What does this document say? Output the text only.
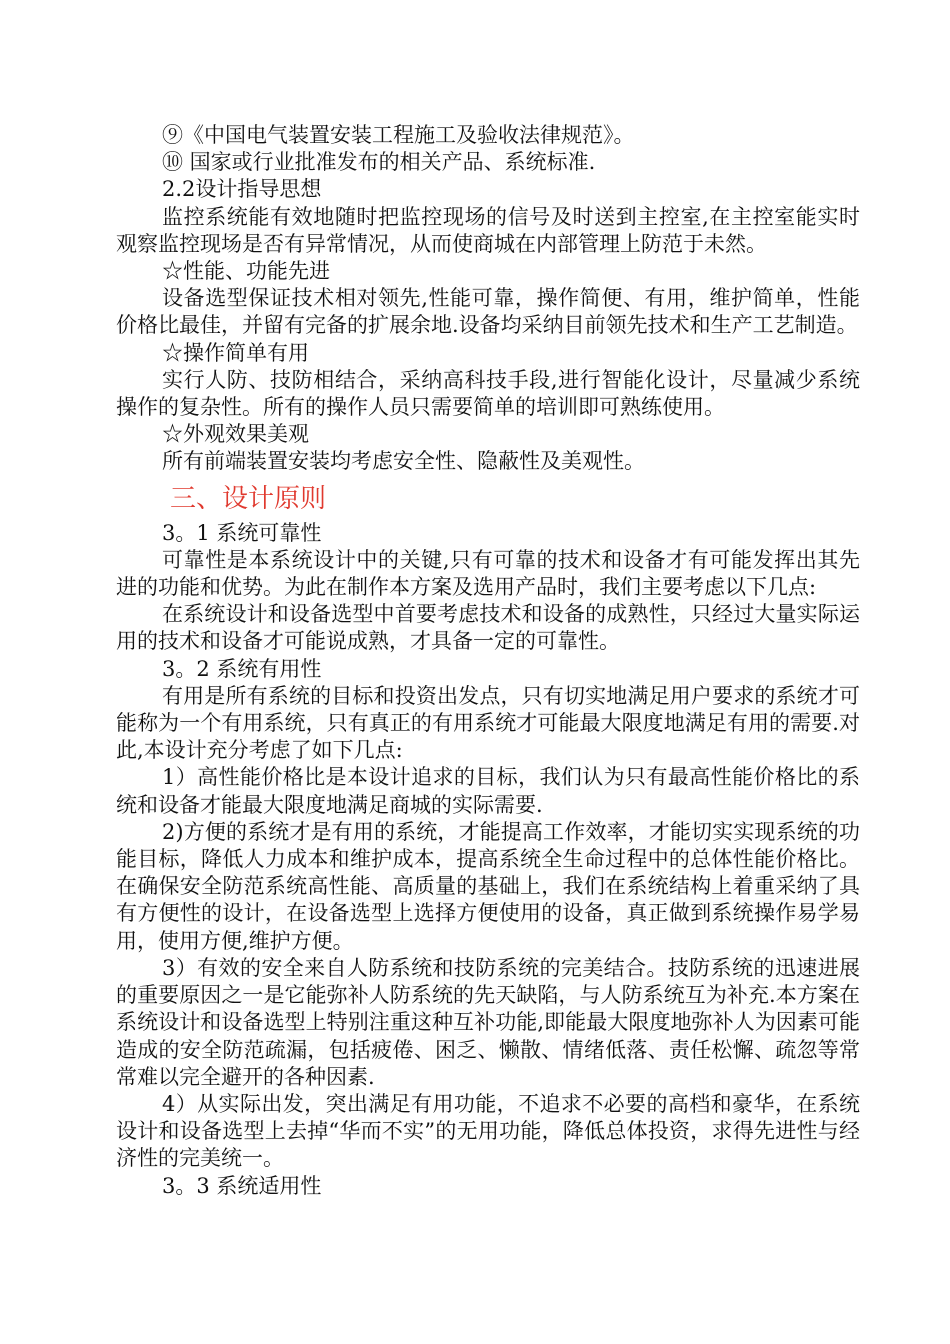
⑨《中国电气装置安装工程施工及验收法律规范》。

⑩ 国家或行业批准发布的相关产品、系统标准.

2.2设计指导思想

监控系统能有效地随时把监控现场的信号及时送到主控室,在主控室能实时观察监控现场是否有异常情况，从而使商城在内部管理上防范于未然。

☆性能、功能先进

设备选型保证技术相对领先,性能可靠，操作简便、有用，维护简单，性能价格比最佳，并留有完备的扩展余地.设备均采纳目前领先技术和生产工艺制造。

☆操作简单有用

实行人防、技防相结合，采纳高科技手段,进行智能化设计，尽量减少系统操作的复杂性。所有的操作人员只需要简单的培训即可熟练使用。

☆外观效果美观

所有前端装置安装均考虑安全性、隐蔽性及美观性。

三、设计原则

3。1 系统可靠性

可靠性是本系统设计中的关键,只有可靠的技术和设备才有可能发挥出其先进的功能和优势。为此在制作本方案及选用产品时，我们主要考虑以下几点:

在系统设计和设备选型中首要考虑技术和设备的成熟性，只经过大量实际运用的技术和设备才可能说成熟，才具备一定的可靠性。

3。2 系统有用性

有用是所有系统的目标和投资出发点，只有切实地满足用户要求的系统才可能称为一个有用系统，只有真正的有用系统才可能最大限度地满足有用的需要.对此,本设计充分考虑了如下几点:

1）高性能价格比是本设计追求的目标，我们认为只有最高性能价格比的系统和设备才能最大限度地满足商城的实际需要.

2)方便的系统才是有用的系统，才能提高工作效率，才能切实实现系统的功能目标，降低人力成本和维护成本，提高系统全生命过程中的总体性能价格比。在确保安全防范系统高性能、高质量的基础上，我们在系统结构上着重采纳了具有方便性的设计，在设备选型上选择方便使用的设备，真正做到系统操作易学易用，使用方便,维护方便。

3）有效的安全来自人防系统和技防系统的完美结合。技防系统的迅速进展的重要原因之一是它能弥补人防系统的先天缺陷，与人防系统互为补充.本方案在系统设计和设备选型上特别注重这种互补功能,即能最大限度地弥补人为因素可能造成的安全防范疏漏，包括疲倦、困乏、懒散、情绪低落、责任松懈、疏忽等常常难以完全避开的各种因素.

4）从实际出发，突出满足有用功能，不追求不必要的高档和豪华，在系统设计和设备选型上去掉“华而不实”的无用功能，降低总体投资，求得先进性与经济性的完美统一。

3。3 系统适用性
